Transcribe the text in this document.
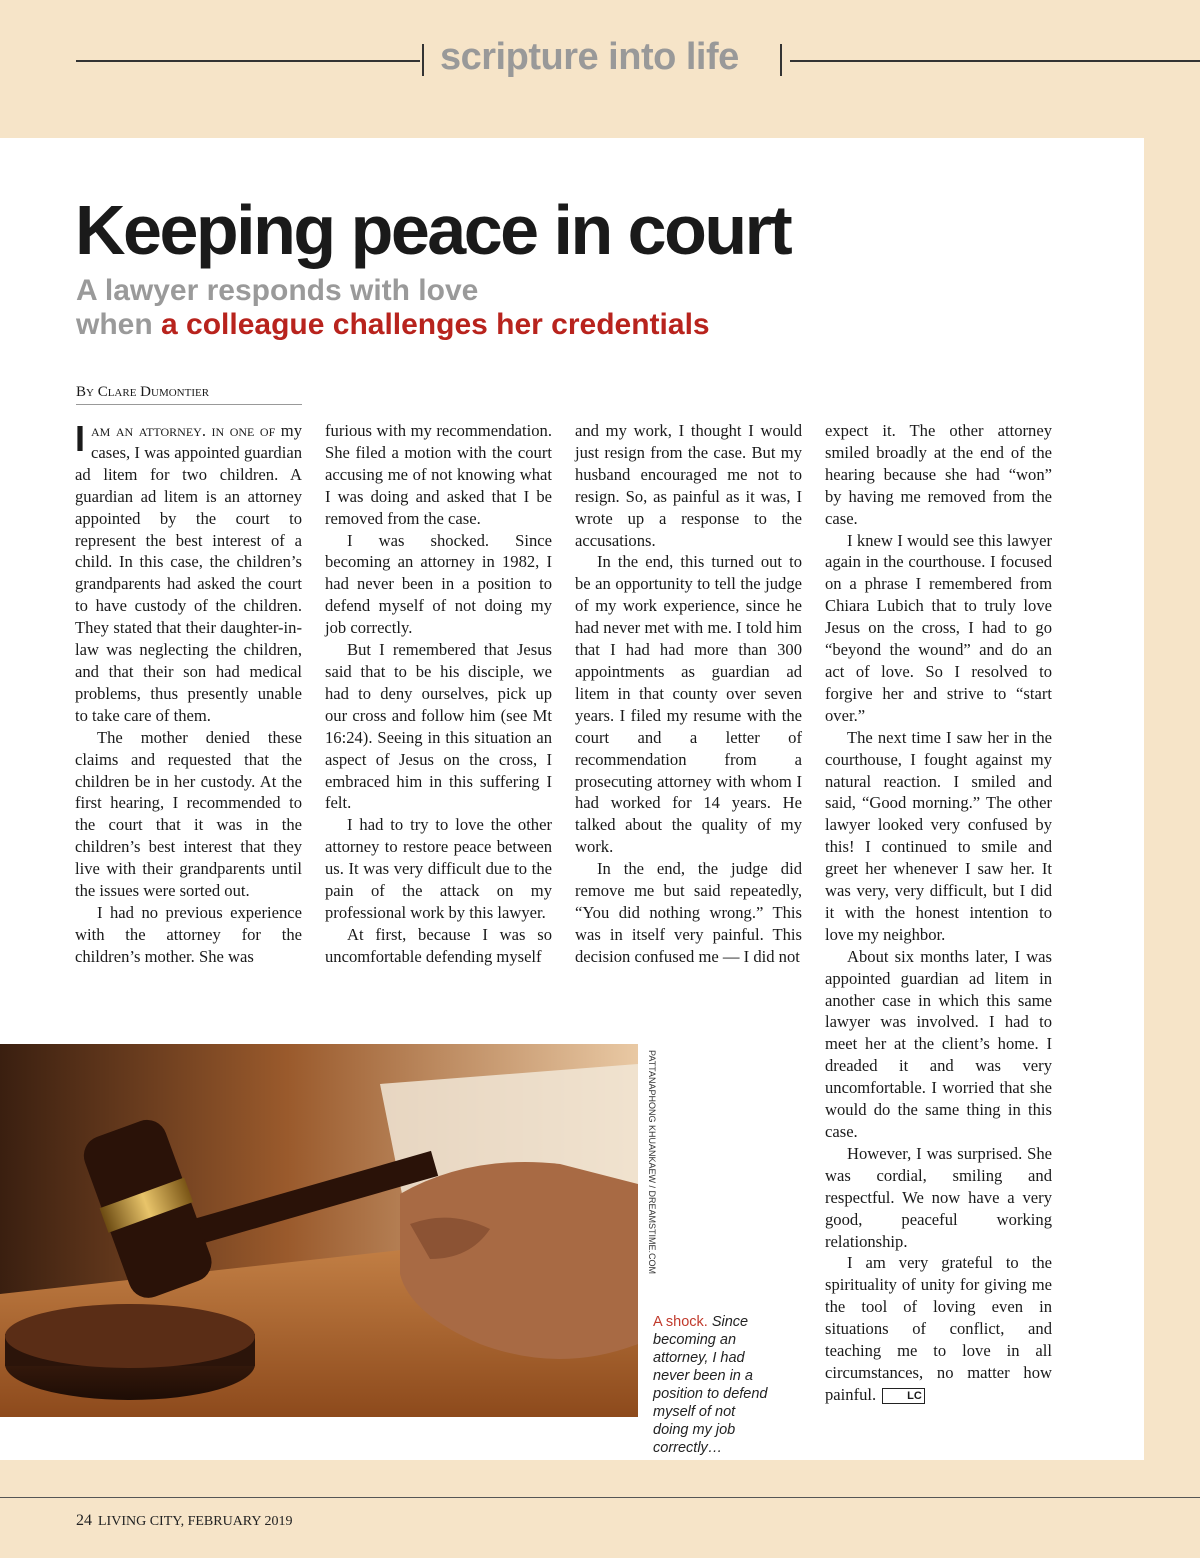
scripture into life
Keeping peace in court
A lawyer responds with love
when a colleague challenges her credentials
By Clare Dumontier

Iam an attorney. in one of my cases, I was appointed guardian ad litem for two children. A guardian ad litem is an attorney appointed by the court to represent the best interest of a child. In this case, the children’s grandparents had asked the court to have custody of the children. They stated that their daughter-in-law was neglecting the children, and that their son had medical problems, thus presently unable to take care of them.

The mother denied these claims and requested that the children be in her custody. At the first hearing, I recommended to the court that it was in the children’s best interest that they live with their grandparents until the issues were sorted out.

I had no previous experience with the attorney for the children’s mother. She was

furious with my recommendation. She filed a motion with the court accusing me of not knowing what I was doing and asked that I be removed from the case.

I was shocked. Since becoming an attorney in 1982, I had never been in a position to defend myself of not doing my job correctly.

But I remembered that Jesus said that to be his disciple, we had to deny ourselves, pick up our cross and follow him (see Mt 16:24). Seeing in this situation an aspect of Jesus on the cross, I embraced him in this suffering I felt.

I had to try to love the other attorney to restore peace between us. It was very difficult due to the pain of the attack on my professional work by this lawyer.

At first, because I was so uncomfortable defending myself

and my work, I thought I would just resign from the case. But my husband encouraged me not to resign. So, as painful as it was, I wrote up a response to the accusations.

In the end, this turned out to be an opportunity to tell the judge of my work experience, since he had never met with me. I told him that I had had more than 300 appointments as guardian ad litem in that county over seven years. I filed my resume with the court and a letter of recommendation from a prosecuting attorney with whom I had worked for 14 years. He talked about the quality of my work.

In the end, the judge did remove me but said repeatedly, “You did nothing wrong.” This was in itself very painful. This decision confused me — I did not

expect it. The other attorney smiled broadly at the end of the hearing because she had “won” by having me removed from the case.

I knew I would see this lawyer again in the courthouse. I focused on a phrase I remembered from Chiara Lubich that to truly love Jesus on the cross, I had to go “beyond the wound” and do an act of love. So I resolved to forgive her and strive to “start over.”

The next time I saw her in the courthouse, I fought against my natural reaction. I smiled and said, “Good morning.” The other lawyer looked very confused by this! I continued to smile and greet her whenever I saw her. It was very, very difficult, but I did it with the honest intention to love my neighbor.

About six months later, I was appointed guardian ad litem in another case in which this same lawyer was involved. I had to meet her at the client’s home. I dreaded it and was very uncomfortable. I worried that she would do the same thing in this case.

However, I was surprised. She was cordial, smiling and respectful. We now have a very good, peaceful working relationship.

I am very grateful to the spirituality of unity for giving me the tool of loving even in situations of conflict, and teaching me to love in all circumstances, no matter how painful.	LC

PATTANAPHONG KHUANKAEW / DREAMSTIME.COM
A shock. Since becoming an attorney, I had never been in a position to defend myself of not doing my job correctly…
24 LIVING CITY, FEBRUARY 2019
